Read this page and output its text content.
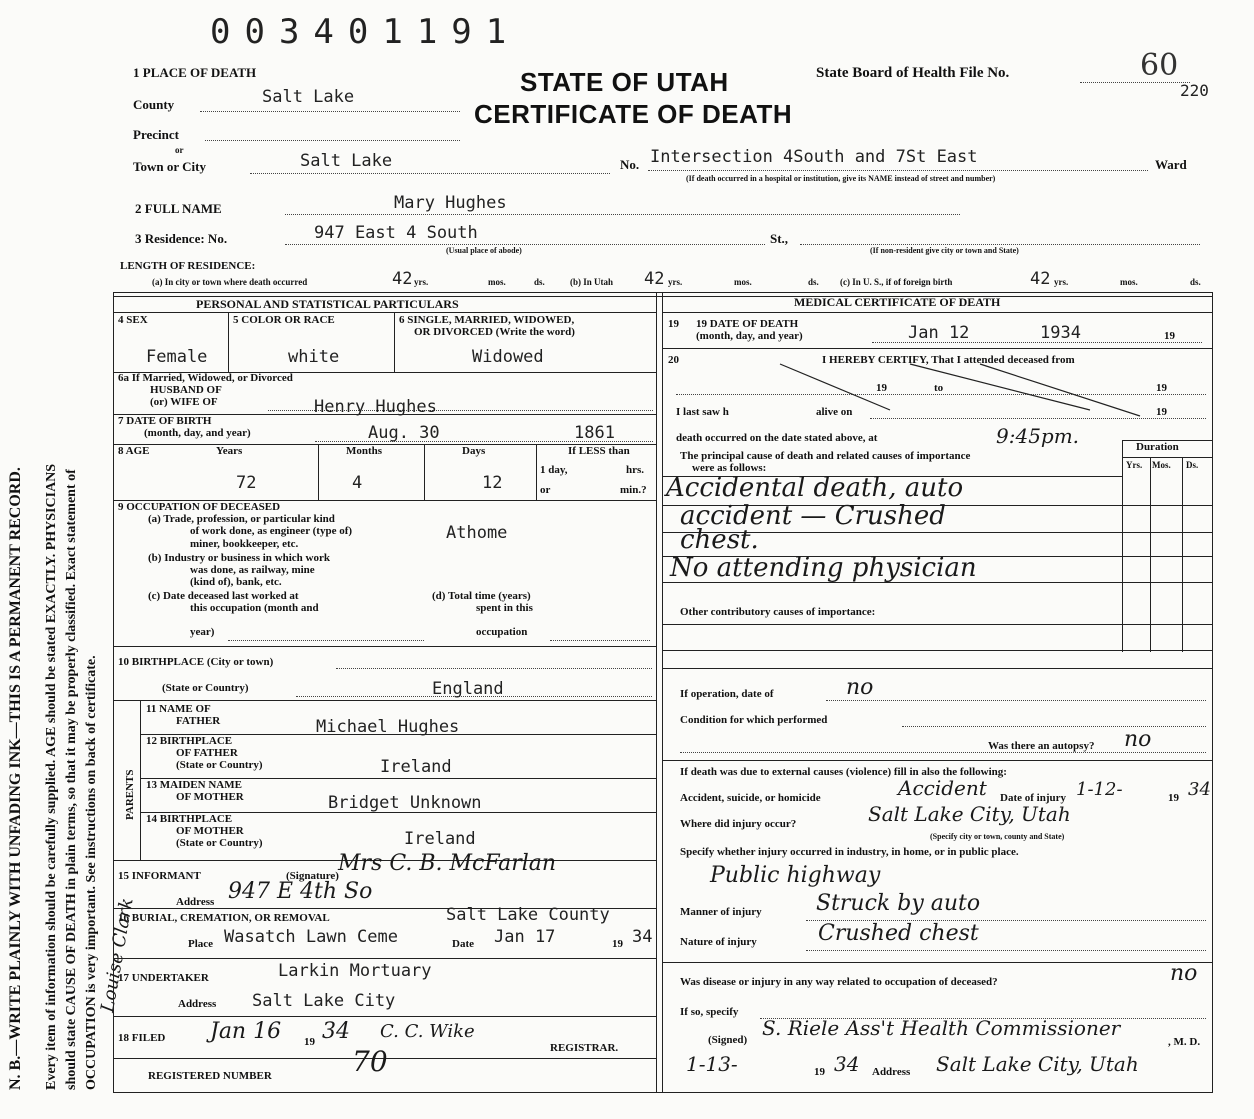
003401191
State Board of Health File No.	60
220
STATE OF UTAH
CERTIFICATE OF DEATH
N. B.—WRITE PLAINLY WITH UNFADING INK—THIS IS A PERMANENT RECORD. Every item of information should be carefully supplied. AGE should be stated EXACTLY. PHYSICIANS should state CAUSE OF DEATH in plain terms, so that it may be properly classified. Exact statement of OCCUPATION is very important. See instructions on back of certificate.
Louise Clark
1 PLACE OF DEATH
County	Salt Lake
Precinct
or
Town or City	Salt Lake	No. Intersection 4South and 7St East	Ward
(If death occurred in a hospital or institution, give its NAME instead of street and number)
2 FULL NAME	Mary Hughes
3 Residence: No.	947 East 4 South
(Usual place of abode)
St.,
(If non-resident give city or town and State)
LENGTH OF RESIDENCE:
(a) In city or town where death occurred	42 yrs.	mos.	ds.	(b) In Utah 42 yrs.	mos.	ds. (c) In U. S., if of foreign birth	42 yrs.	mos.	ds.
PERSONAL AND STATISTICAL PARTICULARS
4 SEX	5 COLOR OR RACE	6 SINGLE, MARRIED, WIDOWED,
OR DIVORCED (Write the word)
Female	white	Widowed
6a If Married, Widowed, or Divorced
HUSBAND OF
(or) WIFE OF	Henry Hughes
7 DATE OF BIRTH
(month, day, and year)	Aug. 30	1861
8 AGE	Years	Months	Days	If LESS than
1 day,	hrs.
or	min.?
72	4	12
9 OCCUPATION OF DECEASED
(a) Trade, profession, or particular kind
of work done, as engineer (type of)
miner, bookkeeper, etc.
Athome
(b) Industry or business in which work
was done, as railway, mine
(kind of), bank, etc.
(c) Date deceased last worked at
this occupation (month and
year)
(d) Total time (years)
spent in this
occupation
10 BIRTHPLACE (City or town)
(State or Country)	England
PARENTS
11 NAME OF
FATHER	Michael Hughes
12 BIRTHPLACE
OF FATHER
(State or Country)	Ireland
13 MAIDEN NAME
OF MOTHER	Bridget Unknown
14 BIRTHPLACE
OF MOTHER
(State or Country)	Ireland
15 INFORMANT	(Signature) Mrs C. B. McFarlan
Address 947 E 4th So
16 BURIAL, CREMATION, OR REMOVAL	Salt Lake County
Place Wasatch Lawn Ceme	Date Jan 17	19 34
17 UNDERTAKER	Larkin Mortuary
Address Salt Lake City
18 FILED Jan 16 19 34 C. C. Wike
REGISTRAR.
REGISTERED NUMBER	70
MEDICAL CERTIFICATE OF DEATH
19 19 DATE OF DEATH
(month, day, and year)	Jan 12	1934	19
20	I HEREBY CERTIFY, That I attended deceased from
19	to	19
I last saw h	alive on	19
death occurred on the date stated above, at	9:45pm.	Duration
Yrs. Mos. Ds.
The principal cause of death and related causes of importance
were as follows:
Accidental death, auto
accident — Crushed
chest.
No attending physician
Other contributory causes of importance:
If operation, date of	no
Condition for which performed
Was there an autopsy? no
If death was due to external causes (violence) fill in also the following:
Accident, suicide, or homicide	Accident Date of injury 1-12-	19 34
Where did injury occur?	Salt Lake City, Utah
(Specify city or town, county and State)
Specify whether injury occurred in industry, in home, or in public place.
Public highway
Manner of injury Struck by auto
Nature of injury	Crushed chest
Was disease or injury in any way related to occupation of deceased?	no
If so, specify
(Signed) S. Riele Ass't Health Commissioner
, M. D.
1-13-	19 34 Address Salt Lake City, Utah
